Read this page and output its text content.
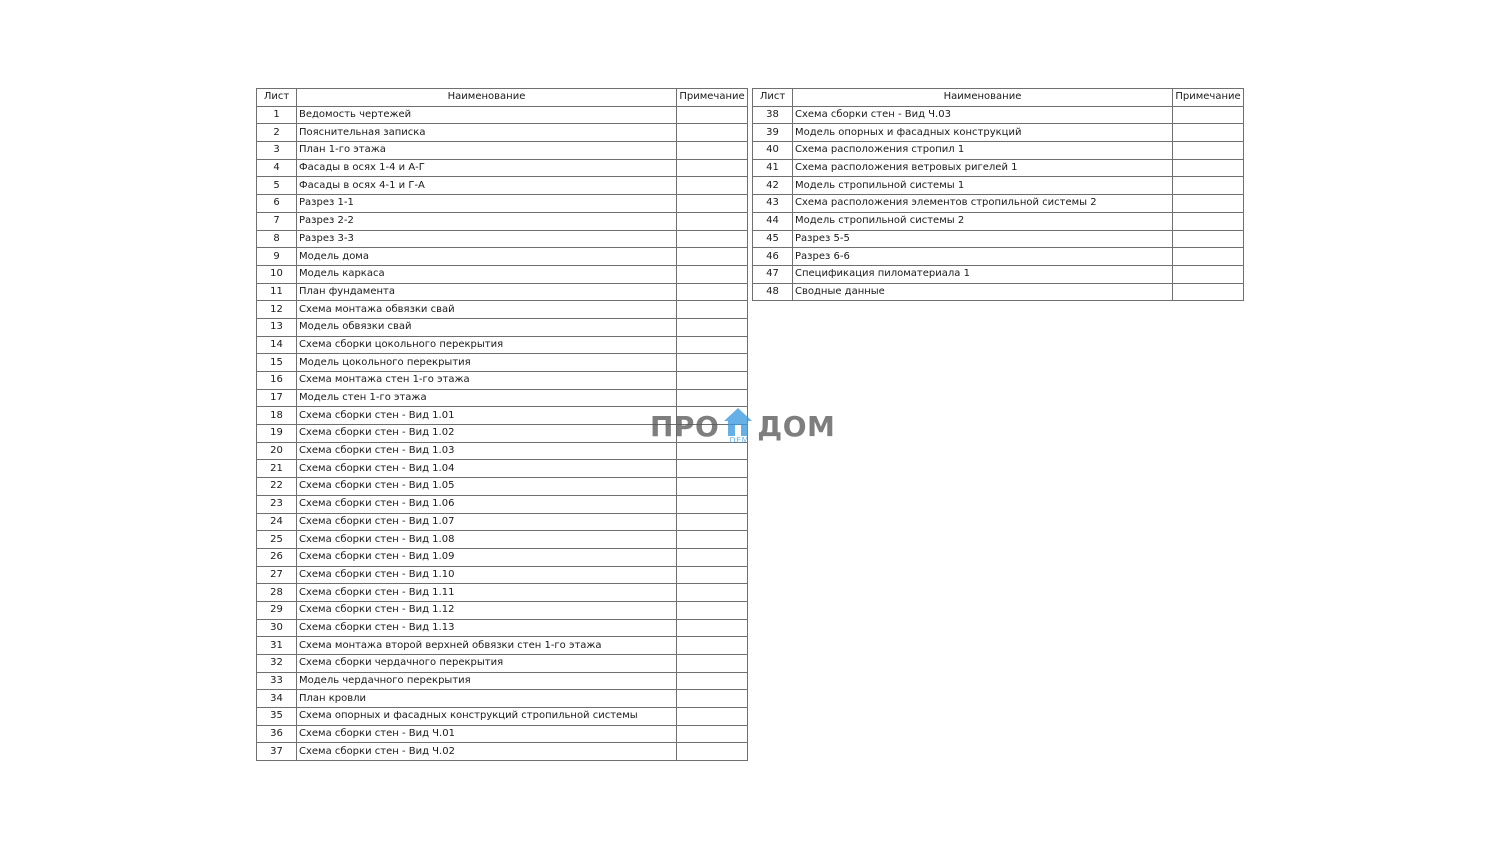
Лист	Наименование	Примечание
1	Ведомость чертежей	
2	Пояснительная записка	
3	План 1-го этажа	
4	Фасады в осях 1-4 и А-Г	
5	Фасады в осях 4-1 и Г-А	
6	Разрез 1-1	
7	Разрез 2-2	
8	Разрез 3-3	
9	Модель дома	
10	Модель каркаса	
11	План фундамента	
12	Схема монтажа обвязки свай	
13	Модель обвязки свай	
14	Схема сборки цокольного перекрытия	
15	Модель цокольного перекрытия	
16	Схема монтажа стен 1-го этажа	
17	Модель стен 1-го этажа	
18	Схема сборки стен - Вид 1.01	
19	Схема сборки стен - Вид 1.02	
20	Схема сборки стен - Вид 1.03	
21	Схема сборки стен - Вид 1.04	
22	Схема сборки стен - Вид 1.05	
23	Схема сборки стен - Вид 1.06	
24	Схема сборки стен - Вид 1.07	
25	Схема сборки стен - Вид 1.08	
26	Схема сборки стен - Вид 1.09	
27	Схема сборки стен - Вид 1.10	
28	Схема сборки стен - Вид 1.11	
29	Схема сборки стен - Вид 1.12	
30	Схема сборки стен - Вид 1.13	
31	Схема монтажа второй верхней обвязки стен 1-го этажа	
32	Схема сборки чердачного перекрытия	
33	Модель чердачного перекрытия	
34	План кровли	
35	Схема опорных и фасадных конструкций стропильной системы	
36	Схема сборки стен - Вид Ч.01	
37	Схема сборки стен - Вид Ч.02	
Лист	Наименование	Примечание
38	Схема сборки стен - Вид Ч.03	
39	Модель опорных и фасадных конструкций	
40	Схема расположения стропил 1	
41	Схема расположения ветровых ригелей 1	
42	Модель стропильной системы 1	
43	Схема расположения элементов стропильной системы 2	
44	Модель стропильной системы 2	
45	Разрез 5-5	
46	Разрез 6-6	
47	Спецификация пиломатериала 1	
48	Сводные данные	
ПРО	DEM ДОМ
